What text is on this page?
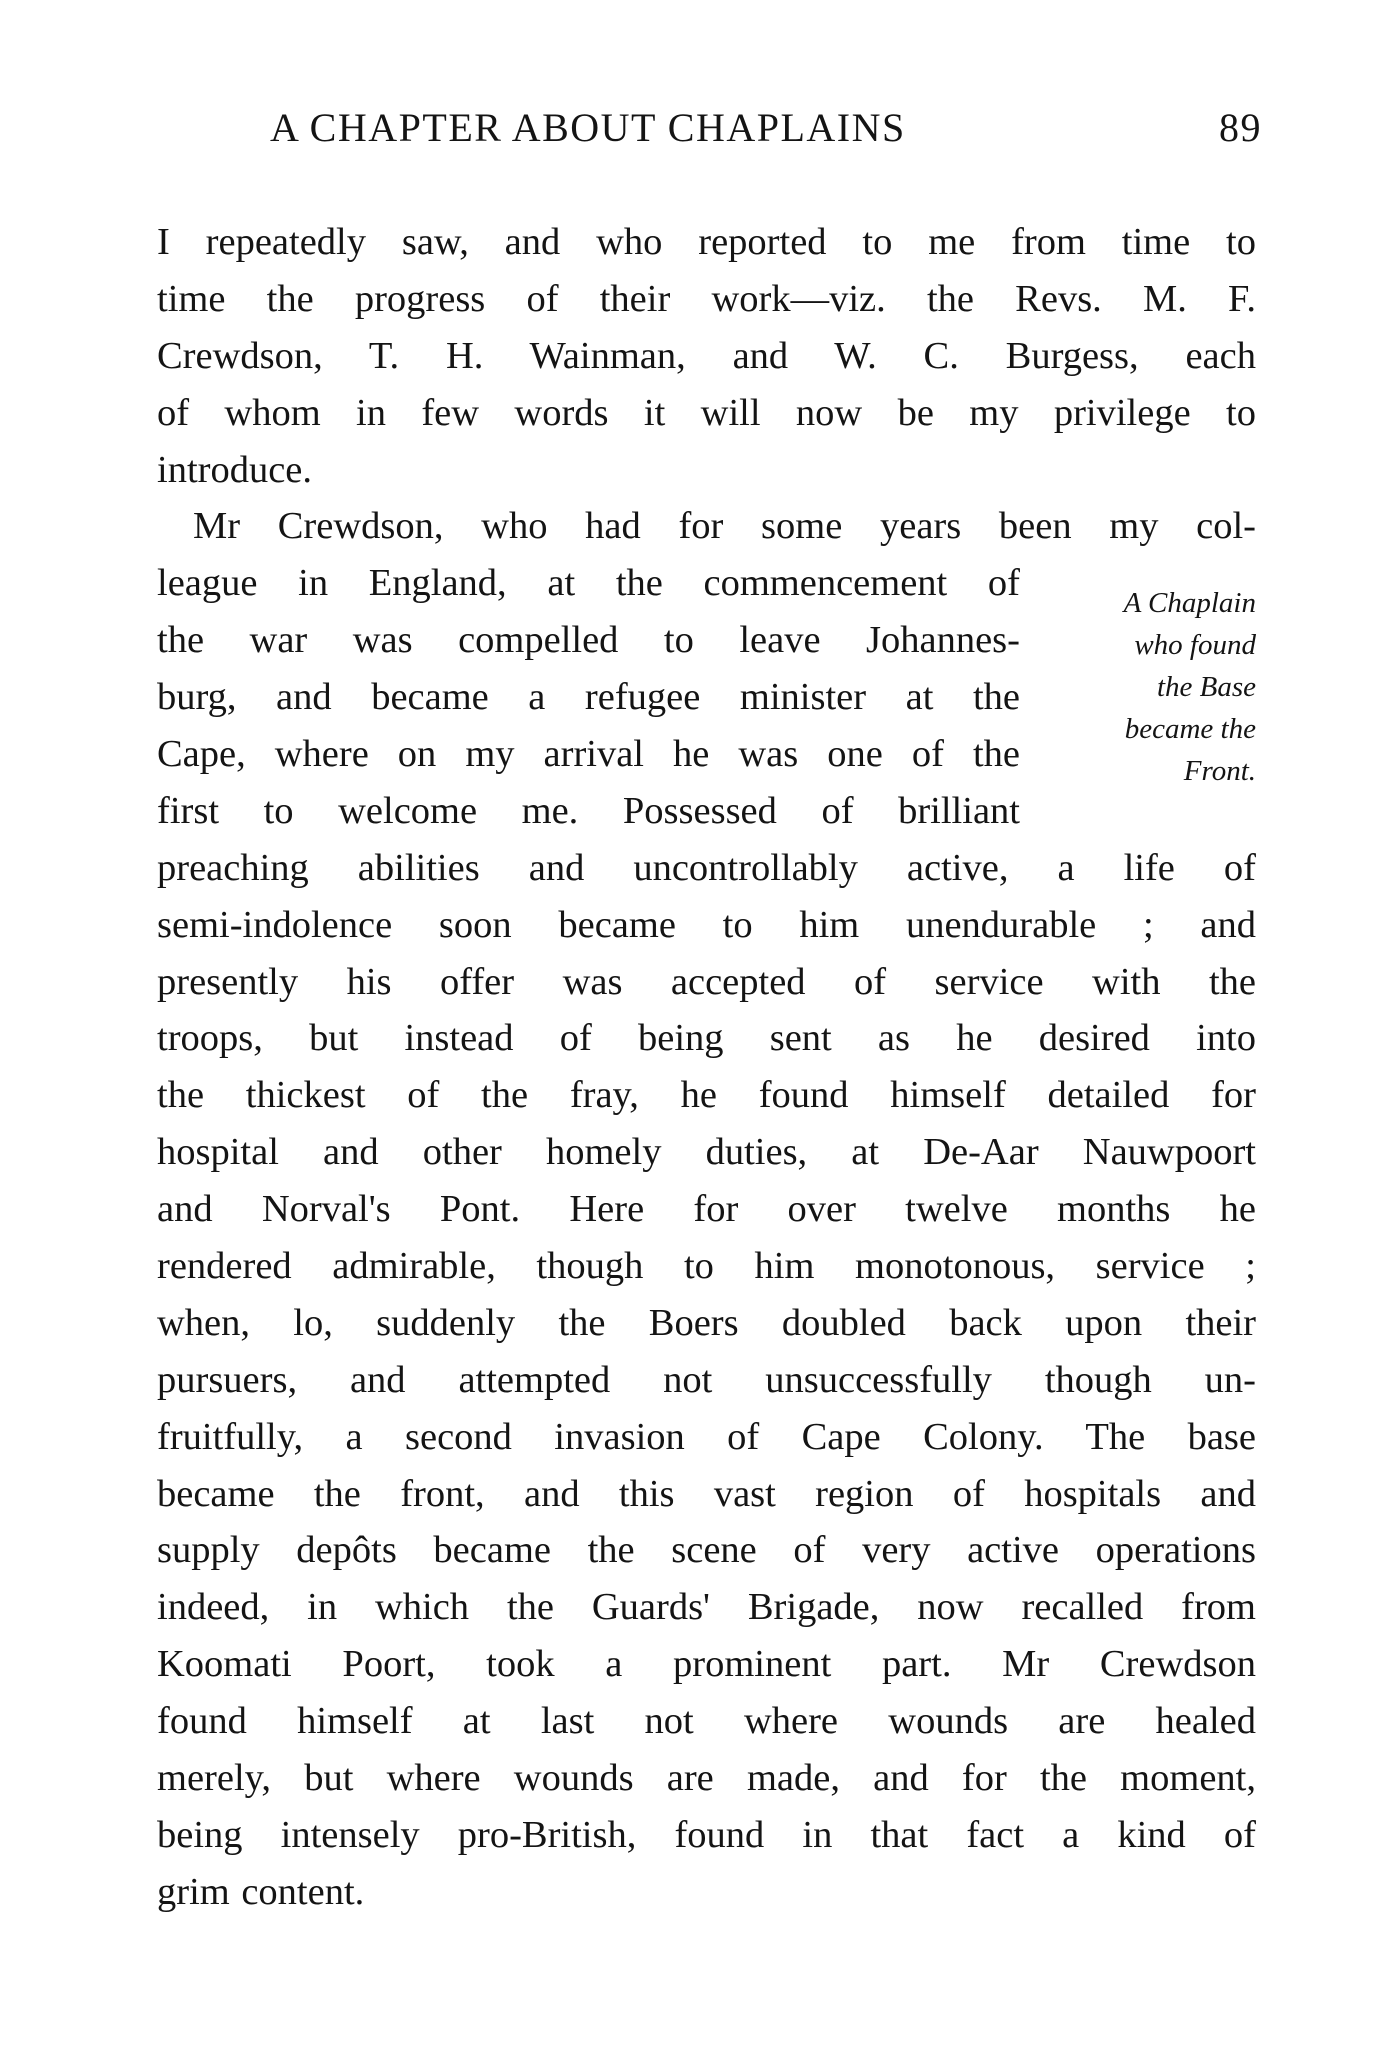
A CHAPTER ABOUT CHAPLAINS	89
I repeatedly saw, and who reported to me from time to
time the progress of their work—viz. the Revs. M. F.
Crewdson, T. H. Wainman, and W. C. Burgess, each
of whom in few words it will now be my privilege to
introduce.
Mr Crewdson, who had for some years been my col-
league in England, at the commencement of
the war was compelled to leave Johannes-
burg, and became a refugee minister at the
Cape, where on my arrival he was one of the
first to welcome me. Possessed of brilliant
preaching abilities and uncontrollably active, a life of
semi-indolence soon became to him unendurable ; and
presently his offer was accepted of service with the
troops, but instead of being sent as he desired into
the thickest of the fray, he found himself detailed for
hospital and other homely duties, at De-Aar Nauwpoort
and Norval's Pont. Here for over twelve months he
rendered admirable, though to him monotonous, service ;
when, lo, suddenly the Boers doubled back upon their
pursuers, and attempted not unsuccessfully though un-
fruitfully, a second invasion of Cape Colony. The base
became the front, and this vast region of hospitals and
supply depôts became the scene of very active operations
indeed, in which the Guards' Brigade, now recalled from
Koomati Poort, took a prominent part. Mr Crewdson
found himself at last not where wounds are healed
merely, but where wounds are made, and for the moment,
being intensely pro-British, found in that fact a kind of
grim content.
A Chaplain
who found
the Base
became the
Front.
